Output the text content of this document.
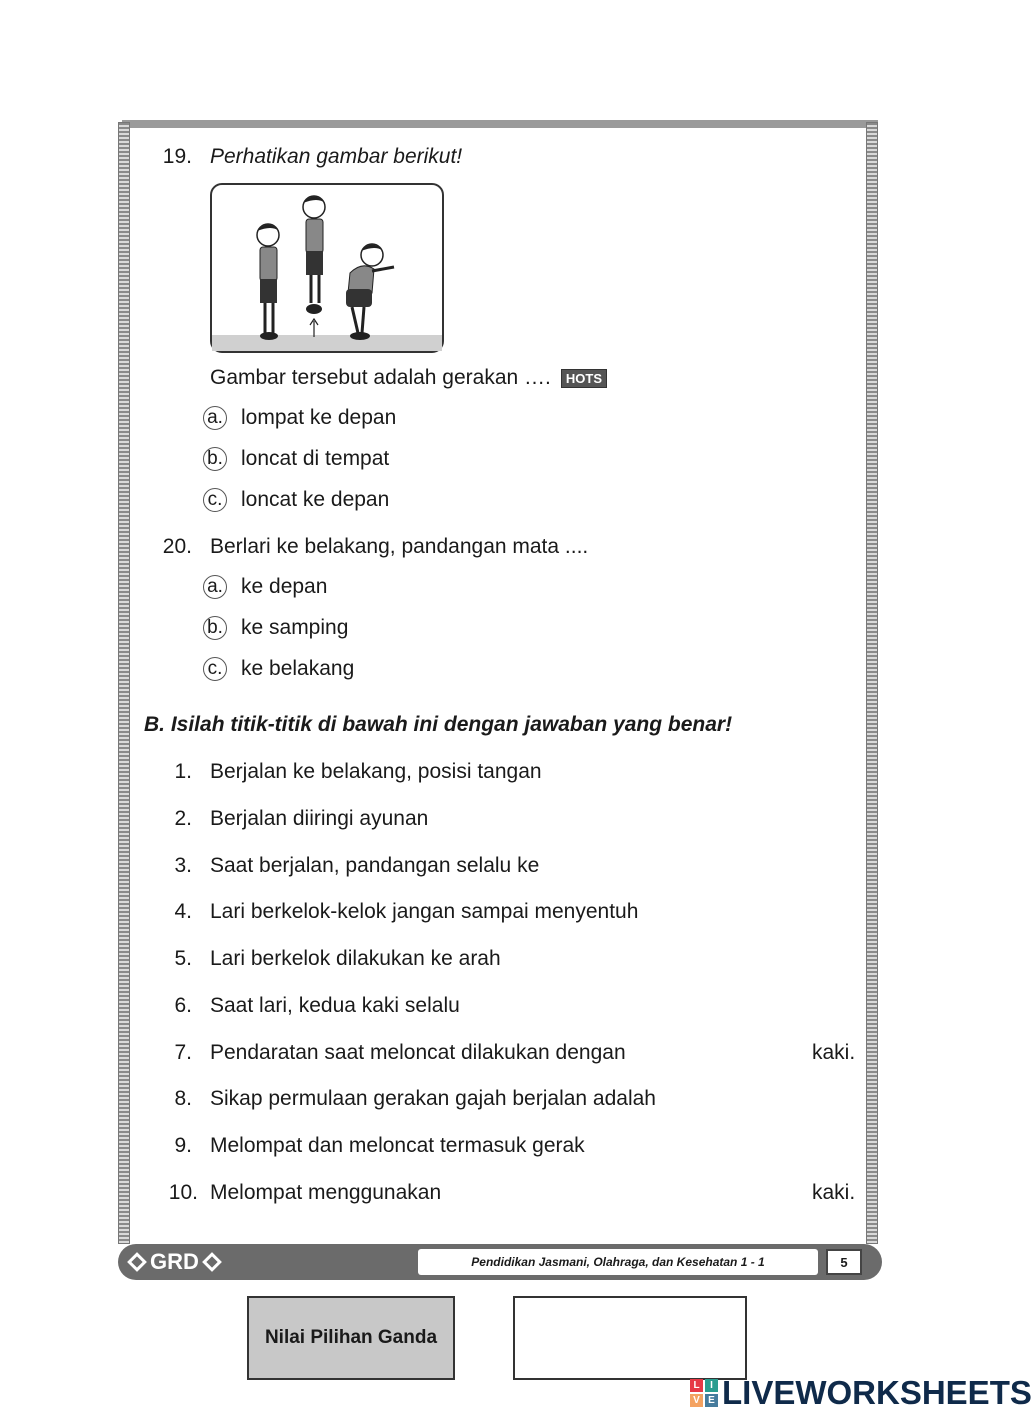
19. Perhatikan gambar berikut!
Gambar tersebut adalah gerakan …. HOTS
a. lompat ke depan
b. loncat di tempat
c. loncat ke depan
20. Berlari ke belakang, pandangan mata ....
a. ke depan
b. ke samping
c. ke belakang
B. Isilah titik-titik di bawah ini dengan jawaban yang benar!
1. Berjalan ke belakang, posisi tangan
2. Berjalan diiringi ayunan
3. Saat berjalan, pandangan selalu ke
4. Lari berkelok-kelok jangan sampai menyentuh
5. Lari berkelok dilakukan ke arah
6. Saat lari, kedua kaki selalu
7. Pendaratan saat meloncat dilakukan dengan	kaki.
8. Sikap permulaan gerakan gajah berjalan adalah
9. Melompat dan meloncat termasuk gerak
10. Melompat menggunakan	kaki.
GRD	Pendidikan Jasmani, Olahraga, dan Kesehatan 1 - 1	5
Nilai Pilihan Ganda
L	I
V E LIVEWORKSHEETS
